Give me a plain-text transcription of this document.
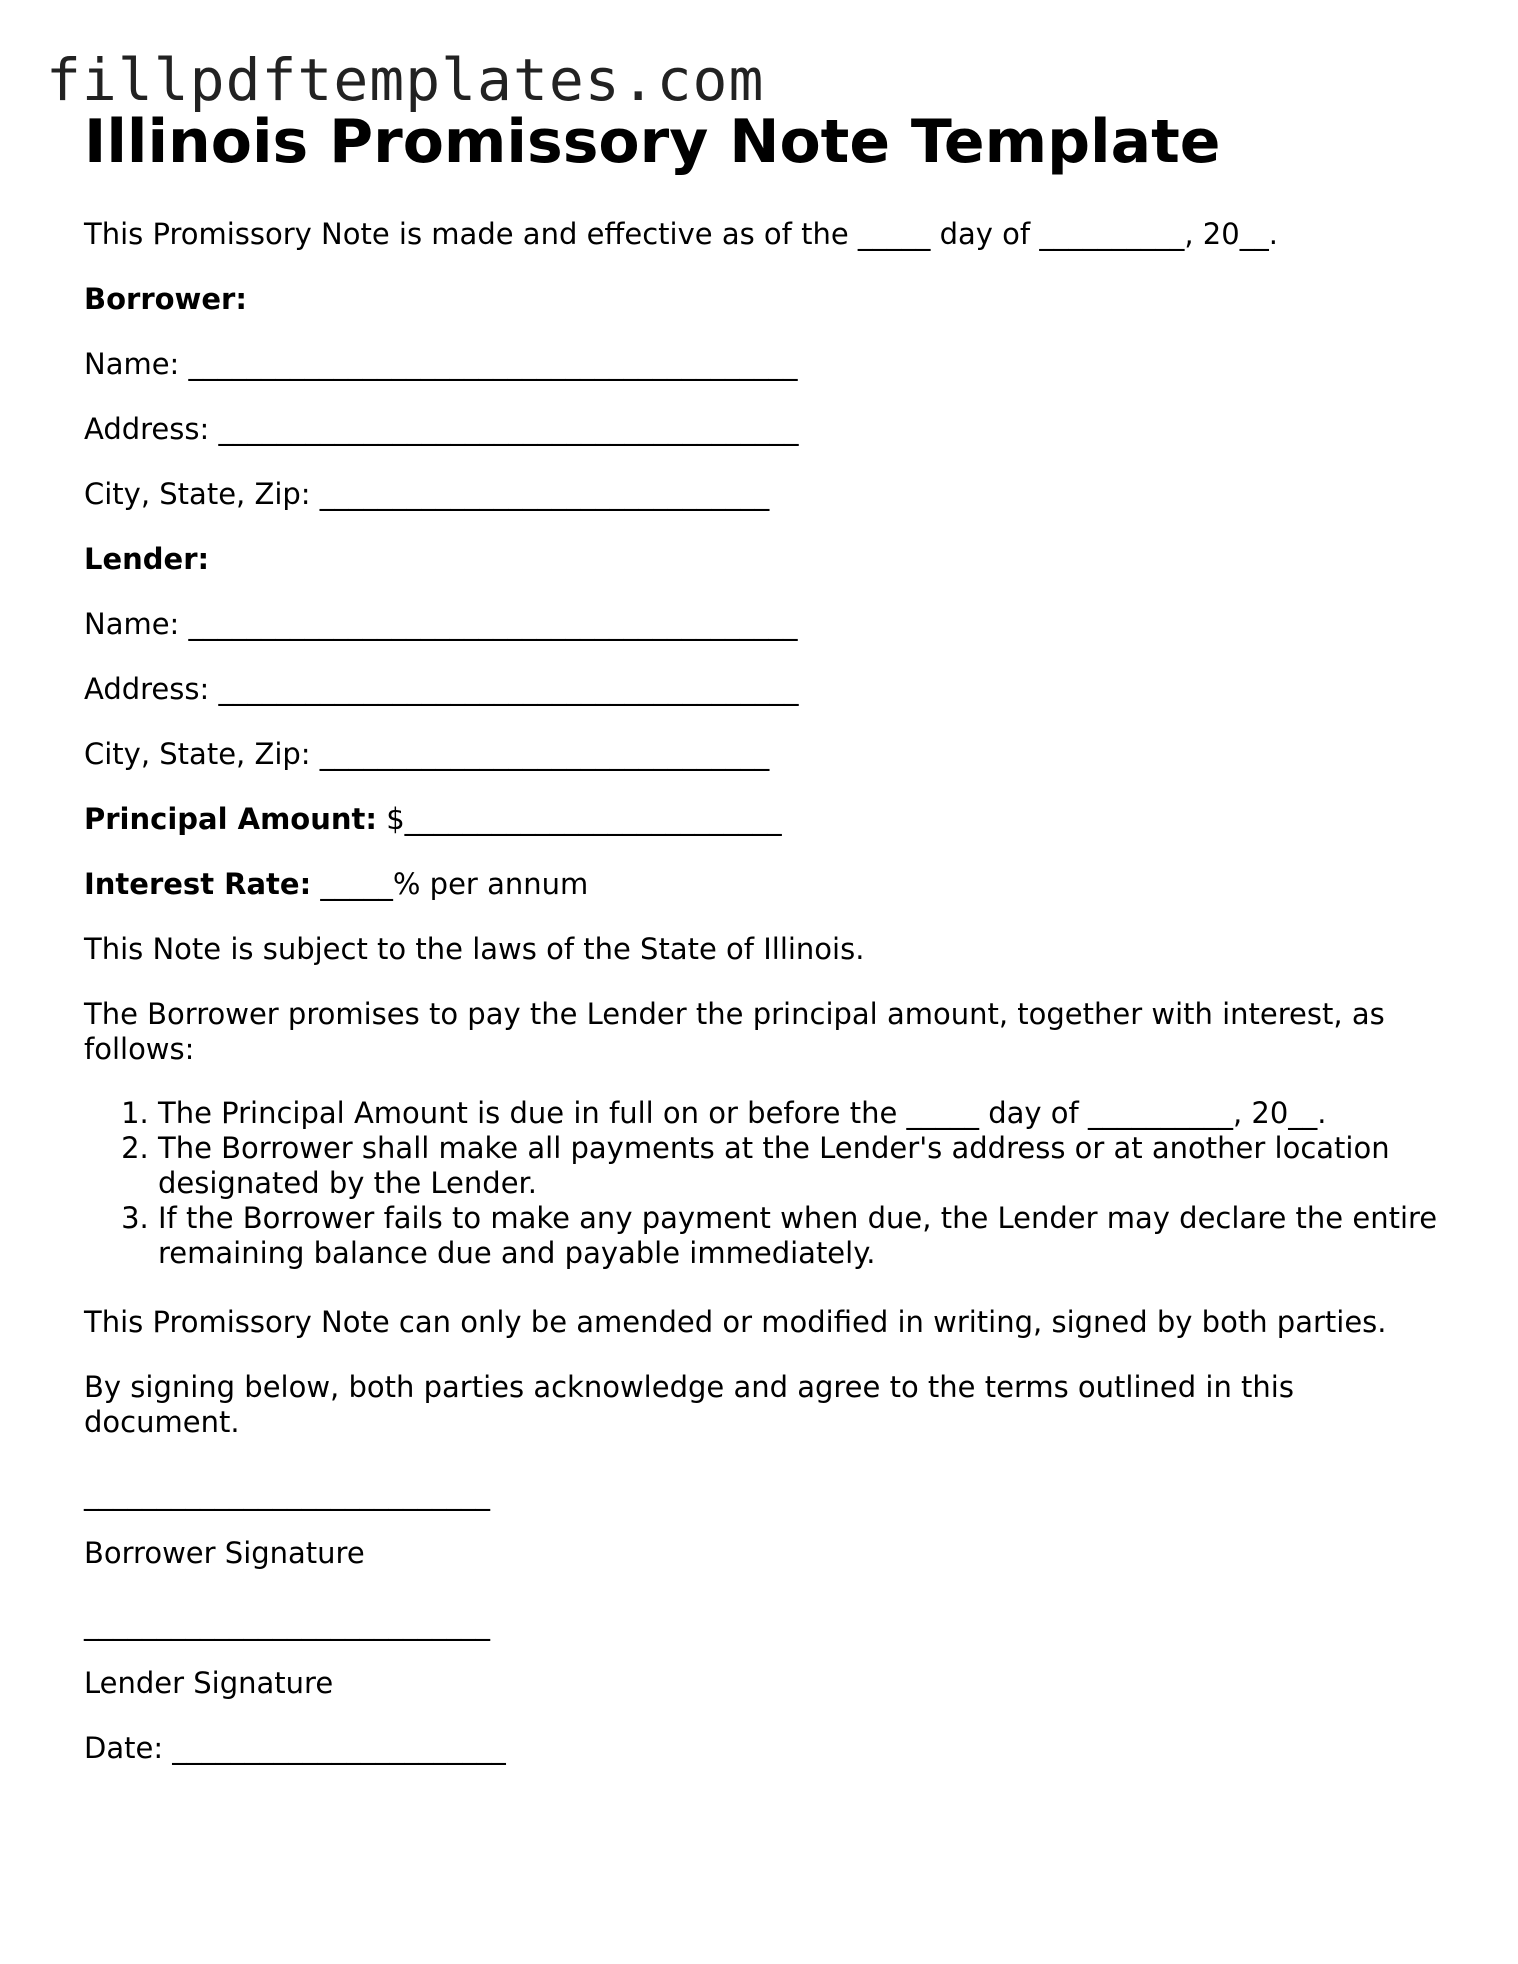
fillpdftemplates.com
Illinois Promissory Note Template
This Promissory Note is made and effective as of the _____ day of __________, 20__.
Borrower:
Name: __________________________________________
Address: ________________________________________
City, State, Zip: _______________________________
Lender:
Name: __________________________________________
Address: ________________________________________
City, State, Zip: _______________________________
Principal Amount: $__________________________
Interest Rate: _____% per annum
This Note is subject to the laws of the State of Illinois.
The Borrower promises to pay the Lender the principal amount, together with interest, as follows:
1. The Principal Amount is due in full on or before the _____ day of __________, 20__.
2. The Borrower shall make all payments at the Lender's address or at another location designated by the Lender.
3. If the Borrower fails to make any payment when due, the Lender may declare the entire remaining balance due and payable immediately.
This Promissory Note can only be amended or modified in writing, signed by both parties.
By signing below, both parties acknowledge and agree to the terms outlined in this document.
____________________________
Borrower Signature
____________________________
Lender Signature
Date: _______________________
